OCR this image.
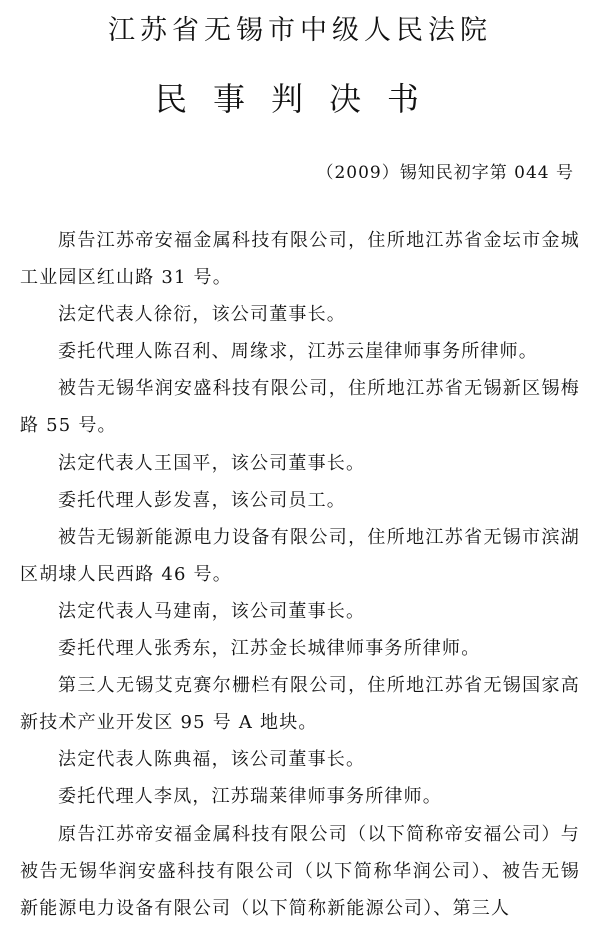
江苏省无锡市中级人民法院
民事判决书
（2009）锡知民初字第 044 号

原告江苏帝安福金属科技有限公司，住所地江苏省金坛市金城工业园区红山路 31 号。

法定代表人徐衍，该公司董事长。

委托代理人陈召利、周缘求，江苏云崖律师事务所律师。

被告无锡华润安盛科技有限公司，住所地江苏省无锡新区锡梅路 55 号。

法定代表人王国平，该公司董事长。

委托代理人彭发喜，该公司员工。

被告无锡新能源电力设备有限公司，住所地江苏省无锡市滨湖区胡埭人民西路 46 号。

法定代表人马建南，该公司董事长。

委托代理人张秀东，江苏金长城律师事务所律师。

第三人无锡艾克赛尔栅栏有限公司，住所地江苏省无锡国家高新技术产业开发区 95 号 A 地块。

法定代表人陈典福，该公司董事长。

委托代理人李凤，江苏瑞莱律师事务所律师。

原告江苏帝安福金属科技有限公司（以下简称帝安福公司）与被告无锡华润安盛科技有限公司（以下简称华润公司）、被告无锡新能源电力设备有限公司（以下简称新能源公司）、第三人
